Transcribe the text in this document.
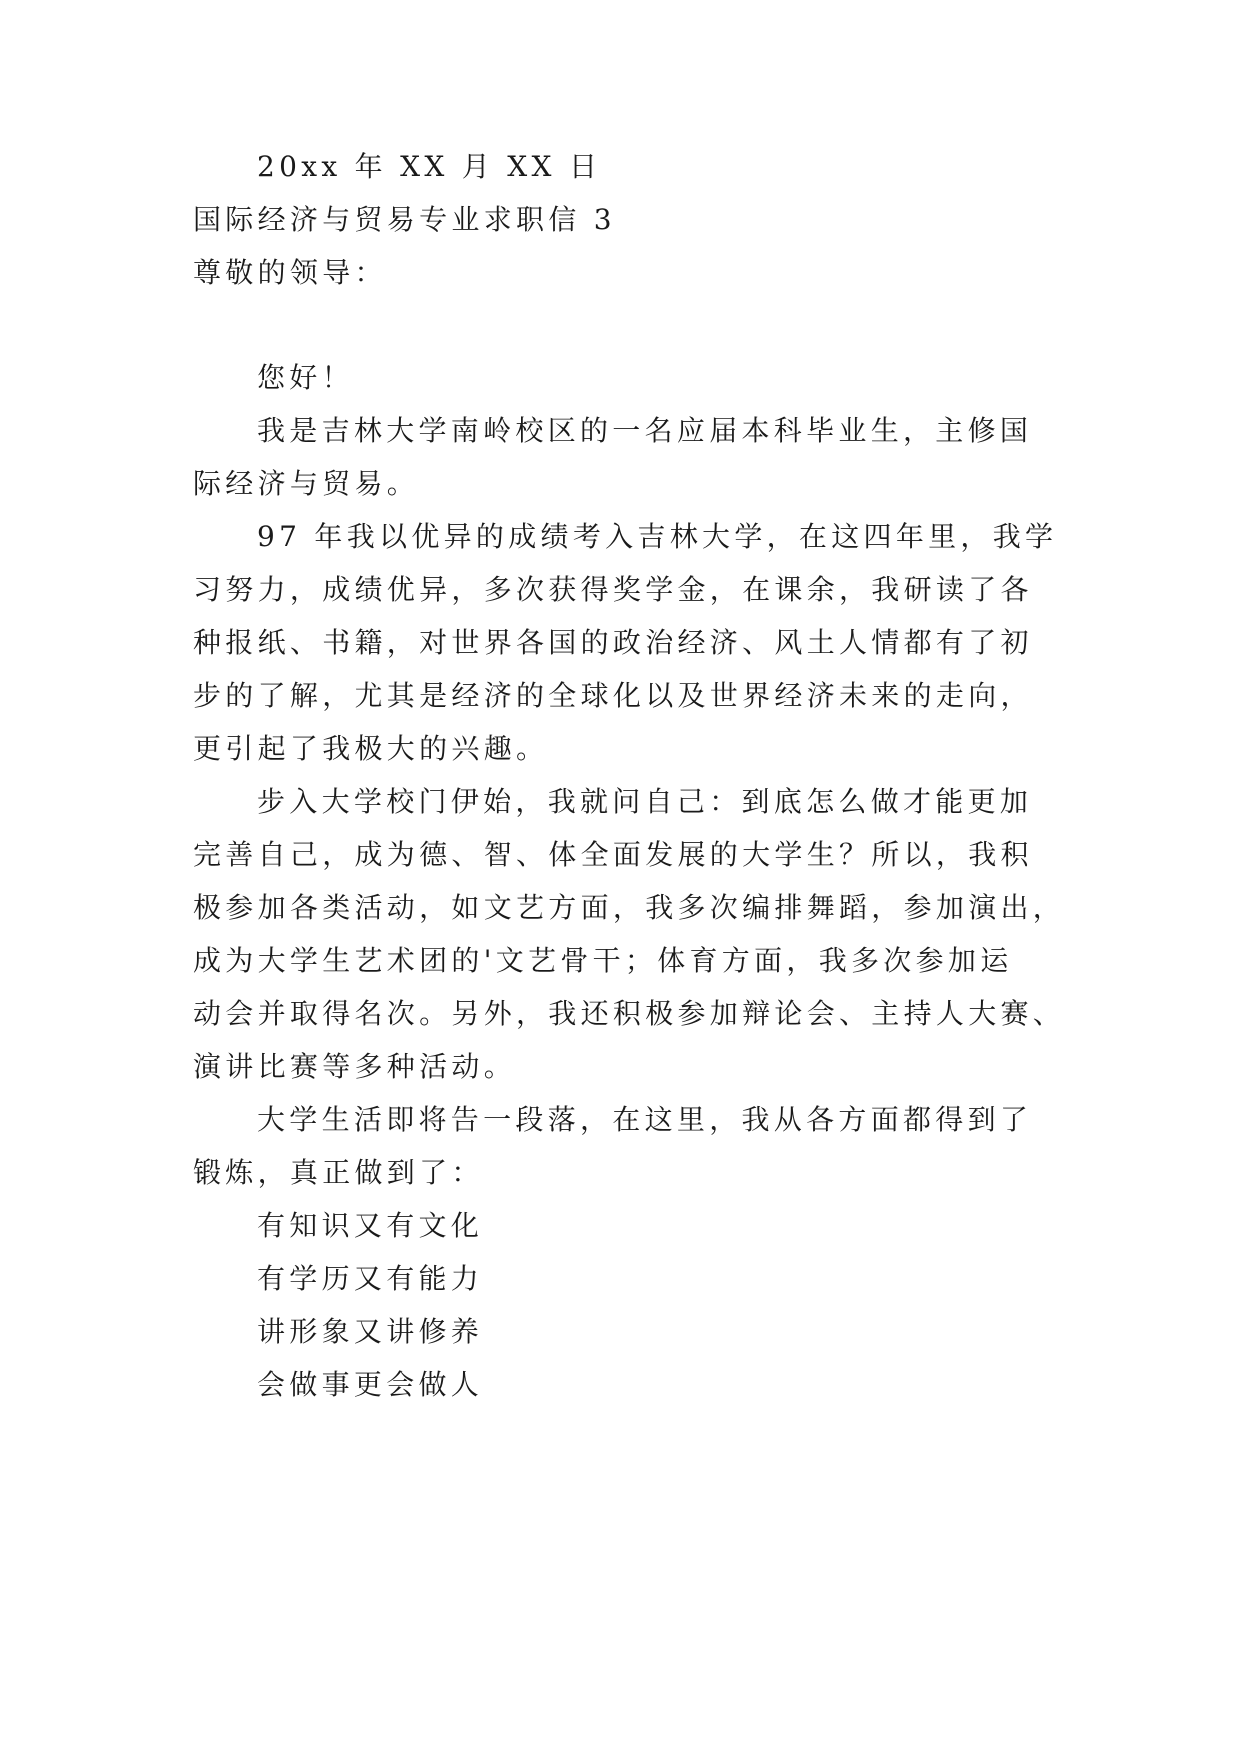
20xx 年 XX 月 XX 日

国际经济与贸易专业求职信 3

尊敬的领导：

您好！

我是吉林大学南岭校区的一名应届本科毕业生，主修国

际经济与贸易。

97 年我以优异的成绩考入吉林大学，在这四年里，我学

习努力，成绩优异，多次获得奖学金，在课余，我研读了各

种报纸、书籍，对世界各国的政治经济、风土人情都有了初

步的了解，尤其是经济的全球化以及世界经济未来的走向，

更引起了我极大的兴趣。

步入大学校门伊始，我就问自己：到底怎么做才能更加

完善自己，成为德、智、体全面发展的大学生？所以，我积

极参加各类活动，如文艺方面，我多次编排舞蹈，参加演出，

成为大学生艺术团的'文艺骨干；体育方面，我多次参加运

动会并取得名次。另外，我还积极参加辩论会、主持人大赛、

演讲比赛等多种活动。

大学生活即将告一段落，在这里，我从各方面都得到了

锻炼，真正做到了：

有知识又有文化

有学历又有能力

讲形象又讲修养

会做事更会做人
